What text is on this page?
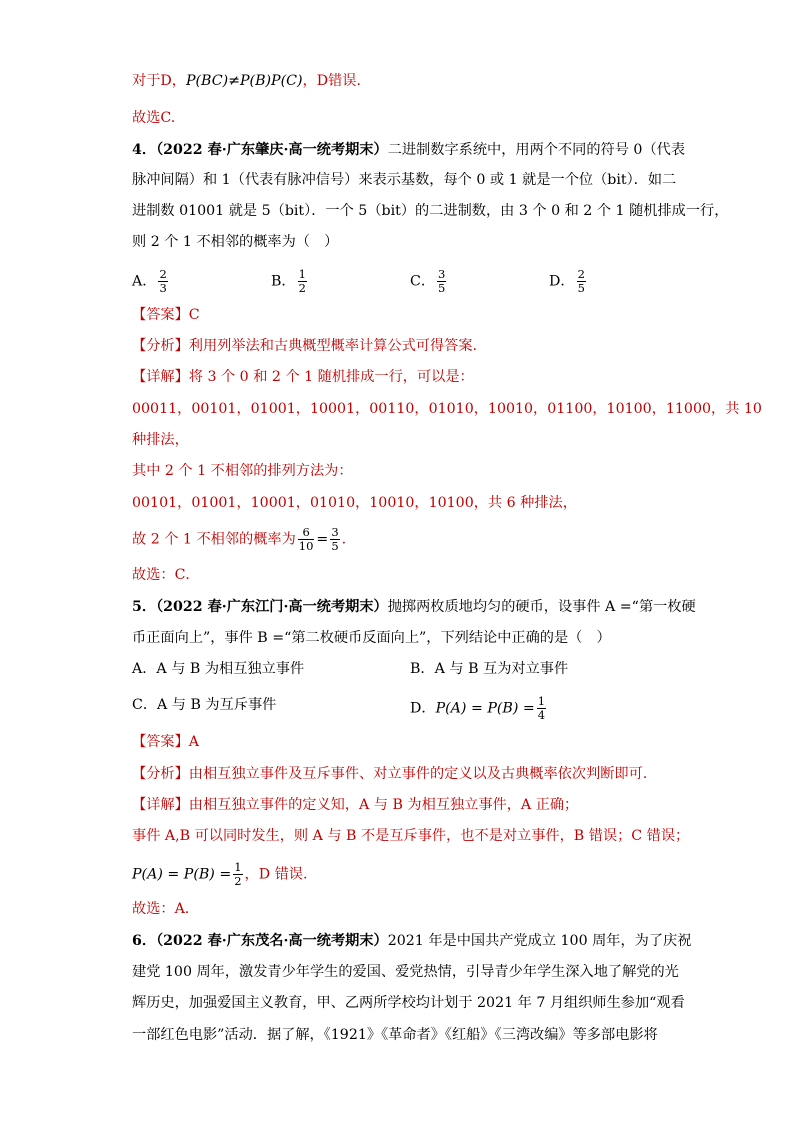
对于D，P(BC)≠P(B)P(C)，D错误.
故选C.
4．（2022 春·广东肇庆·高一统考期末）二进制数字系统中，用两个不同的符号 0（代表
脉冲间隔）和 1（代表有脉冲信号）来表示基数，每个 0 或 1 就是一个位（bit）．如二
进制数 01001 就是 5（bit）．一个 5（bit）的二进制数，由 3 个 0 和 2 个 1 随机排成一行，
则 2 个 1 不相邻的概率为（　）
A． $\frac{2}{3}$	B． $\frac{1}{2}$	C． $\frac{3}{5}$	D． $\frac{2}{5}$
【答案】C
【分析】利用列举法和古典概型概率计算公式可得答案.
【详解】将 3 个 0 和 2 个 1 随机排成一行，可以是：
00011，00101，01001，10001，00110，01010，10010，01100，10100，11000，共 10
种排法，
其中 2 个 1 不相邻的排列方法为：
00101，01001，10001，01010，10010，10100，共 6 种排法，
故 2 个 1 不相邻的概率为 $\frac{6}{10} = \frac{3}{5}$ .
故选：C．
5．（2022 春·广东江门·高一统考期末）抛掷两枚质地均匀的硬币，设事件 A =“第一枚硬
币正面向上”，事件 B =“第二枚硬币反面向上”，下列结论中正确的是（　）
A．A 与 B 为相互独立事件	B．A 与 B 互为对立事件
C．A 与 B 为互斥事件	D．$P(A) = P(B) = \frac{1}{4}$
【答案】A
【分析】由相互独立事件及互斥事件、对立事件的定义以及古典概率依次判断即可.
【详解】由相互独立事件的定义知，A 与 B 为相互独立事件，A 正确；
事件 A,B 可以同时发生，则 A 与 B 不是互斥事件，也不是对立事件，B 错误；C 错误；
$P(A) = P(B) = \frac{1}{2}$ ，D 错误.
故选：A.
6．（2022 春·广东茂名·高一统考期末）2021 年是中国共产党成立 100 周年，为了庆祝
建党 100 周年，激发青少年学生的爱国、爱党热情，引导青少年学生深入地了解党的光
辉历史，加强爱国主义教育，甲、乙两所学校均计划于 2021 年 7 月组织师生参加“观看
一部红色电影”活动．据了解，《1921》《革命者》《红船》《三湾改编》等多部电影将
